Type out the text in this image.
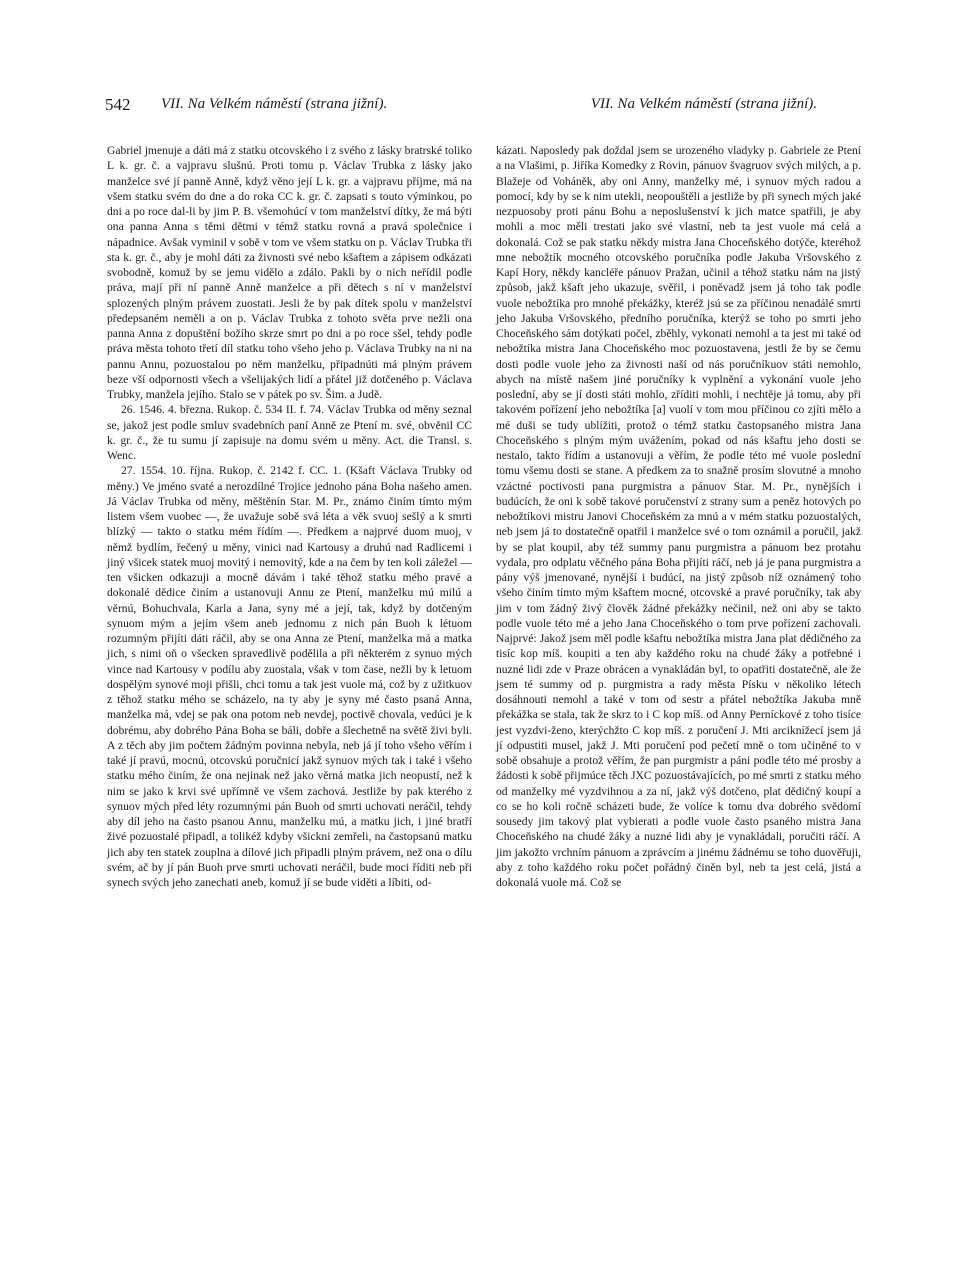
542 VII. Na Velkém náměstí (strana jižní).	VII. Na Velkém náměstí (strana jižní).

Gabriel jmenuje a dáti má z statku otcovského i z svého z lásky bratrské toliko L k. gr. č. a vajpravu slušnú. Proti tomu p. Václav Trubka z lásky jako manželce své jí panně Anně, když věno její L k. gr. a vajpravu příjme, má na všem statku svém do dne a do roka CC k. gr. č. zapsati s touto výminkou, po dni a po roce dal-li by jim P. B. všemohúcí v tom manželství dítky, že má býti ona panna Anna s těmi dětmi v témž statku rovná a pravá společnice i nápadnice. Avšak vyminil v sobě v tom ve všem statku on p. Václav Trubka tři sta k. gr. č., aby je mohl dáti za živnosti své nebo kšaftem a zápisem odkázati svobodně, komuž by se jemu vidělo a zdálo. Pakli by o nich neřídil podle práva, mají při ní panně Anně manželce a při dětech s ní v manželství splozených plným právem zuostati. Jesli že by pak dítek spolu v manželství předepsaném neměli a on p. Václav Trubka z tohoto světa prve nežli ona panna Anna z dopuštění božího skrze smrt po dni a po roce sšel, tehdy podle práva města tohoto třetí díl statku toho všeho jeho p. Václava Trubky na ni na pannu Annu, pozuostalou po něm manželku, připadnúti má plným právem beze vší odpornosti všech a všelijakých lidí a přátel již dotčeného p. Václava Trubky, manžela jejího. Stalo se v pátek po sv. Šim. a Judě.

26. 1546. 4. března. Rukop. č. 534 II. f. 74. Václav Trubka od měny seznal se, jakož jest podle smluv svadebních paní Anně ze Ptení m. své, obvěnil CC k. gr. č., že tu sumu jí zapisuje na domu svém u měny. Act. die Transl. s. Wenc.

27. 1554. 10. října. Rukop. č. 2142 f. CC. 1. (Kšaft Václava Trubky od měny.) Ve jméno svaté a nerozdílné Trojice jednoho pána Boha našeho amen. Já Václav Trubka od měny, měštěnín Star. M. Pr., známo činím tímto mým listem všem vuobec —, že uvažuje sobě svá léta a věk svuoj sešlý a k smrti blízký — takto o statku mém řídím —. Předkem a najprvé duom muoj, v němž bydlím, řečený u měny, vinici nad Kartousy a druhú nad Radlicemi i jiný všicek statek muoj movitý i nemovitý, kde a na čem by ten koli záležel — ten všicken odkazuji a mocně dávám i také těhož statku mého pravé a dokonalé dědice činím a ustanovuji Annu ze Ptení, manželku mú milú a věrnú, Bohuchvala, Karla a Jana, syny mé a její, tak, když by dotčeným synuom mým a jejím všem aneb jednomu z nich pán Buoh k létuom rozumným přijíti dáti ráčil, aby se ona Anna ze Ptení, manželka má a matka jich, s nimi oň o všecken spravedlivě podělila a při některém z synuo mých vince nad Kartousy v podílu aby zuostala, však v tom čase, nežli by k letuom dospělým synové moji přišli, chci tomu a tak jest vuole má, což by z užitkuov z těhož statku mého se scházelo, na ty aby je syny mé často psaná Anna, manželka má, vdej se pak ona potom neb nevdej, poctivě chovala, vedúci je k dobrému, aby dobrého Pána Boha se báli, dobře a šlechetně na světě živi byli. A z těch aby jim počtem žádným povinna nebyla, neb já jí toho všeho věřím i také jí pravú, mocnú, otcovskú poručnicí jakž synuov mých tak i také i všeho statku mého činím, že ona nejinak než jako věrná matka jich neopustí, než k nim se jako k krvi své upřímně ve všem zachová. Jestliže by pak kterého z synuov mých před léty rozumnými pán Buoh od smrti uchovati neráčil, tehdy aby díl jeho na často psanou Annu, manželku mú, a matku jich, i jiné bratří živé pozuostalé připadl, a tolikéž kdyby všickni zemřeli, na častopsanú matku jich aby ten statek zouplna a dílové jich připadli plným právem, než ona o dílu svém, ač by jí pán Buoh prve smrti uchovati neráčil, bude moci říditi neb při synech svých jeho zanechati aneb, komuž jí se bude viděti a líbiti, od-

kázati. Naposledy pak doždal jsem se urozeného vladyky p. Gabriele ze Ptení a na Vlašimi, p. Jiříka Komedky z Rovin, pánuov švagruov svých milých, a p. Blažeje od Voháněk, aby oni Anny, manželky mé, i synuov mých radou a pomocí, kdy by se k nim utekli, neopouštěli a jestliže by při synech mých jaké nezpuosoby proti pánu Bohu a neposlušenství k jich matce spatřili, je aby mohli a moc měli trestati jako své vlastní, neb ta jest vuole má celá a dokonalá. Což se pak statku někdy mistra Jana Choceňského dotýče, kteréhož mne nebožtík mocného otcovského poručníka podle Jakuba Vršovského z Kapí Hory, někdy kancléře pánuov Pražan, učinil a téhož statku nám na jistý způsob, jakž kšaft jeho ukazuje, svěřil, i poněvadž jsem já toho tak podle vuole nebožtíka pro mnohé překážky, kteréž jsú se za příčinou nenadálé smrti jeho Jakuba Vršovského, předního poručníka, kterýž se toho po smrti jeho Choceňského sám dotýkati počel, zběhly, vykonati nemohl a ta jest mi také od nebožtíka mistra Jana Choceňského moc pozuostavena, jestli že by se čemu dosti podle vuole jeho za živnosti naší od nás poručníkuov státi nemohlo, abych na místě našem jiné poručníky k vyplnění a vykonání vuole jeho poslední, aby se jí dosti státi mohlo, zříditi mohli, i nechtěje já tomu, aby při takovém pořízení jeho nebožtíka [a] vuolí v tom mou příčinou co zjíti mělo a mé duši se tudy ublížiti, protož o témž statku častopsaného mistra Jana Choceňského s plným mým uvážením, pokad od nás kšaftu jeho dosti se nestalo, takto řídím a ustanovuji a věřím, že podle této mé vuole poslední tomu všemu dosti se stane. A předkem za to snažně prosím slovutné a mnoho vzáctné poctivosti pana purgmistra a pánuov Star. M. Pr., nynějších i budúcích, že oni k sobě takové poručenství z strany sum a peněz hotových po nebožtíkovi mistru Janovi Choceňském za mnú a v mém statku pozuostalých, neb jsem já to dostatečně opatřil i manželce své o tom oznámil a poručil, jakž by se plat koupil, aby též summy panu purgmistra a pánuom bez protahu vydala, pro odplatu věčného pána Boha přijíti ráčí, neb já je pana purgmistra a pány výš jmenované, nynější i budúcí, na jistý způsob níž oznámený toho všeho činím tímto mým kšaftem mocné, otcovské a pravé poručníky, tak aby jim v tom žádný živý člověk žádné překážky nečinil, než oni aby se takto podle vuole této mé a jeho Jana Choceňského o tom prve pořízení zachovali. Najprvé: Jakož jsem měl podle kšaftu nebožtíka mistra Jana plat dědičného za tisíc kop míš. koupiti a ten aby každého roku na chudé žáky a potřebné i nuzné lidi zde v Praze obrácen a vynakládán byl, to opatřiti dostatečně, ale že jsem té summy od p. purgmistra a rady města Písku v několiko létech dosáhnouti nemohl a také v tom od sestr a přátel nebožtíka Jakuba mně překážka se stala, tak že skrz to i C kop míš. od Anny Perníckové z toho tisíce jest vyzdvi-ženo, kterýchžto C kop míš. z poručení J. Mti arciknížecí jsem já jí odpustiti musel, jakž J. Mti poručení pod pečetí mně o tom učiněné to v sobě obsahuje a protož věřím, že pan purgmistr a páni podle této mé prosby a žádosti k sobě přijmúce těch JXC pozuostávajících, po mé smrti z statku mého od manželky mé vyzdvihnou a za ní, jakž výš dotčeno, plat dědičný koupí a co se ho koli ročně scházeti bude, že volíce k tomu dva dobrého svědomí sousedy jim takový plat vybierati a podle vuole často psaného mistra Jana Choceňského na chudé žáky a nuzné lidi aby je vynakládali, poručiti ráčí. A jim jakožto vrchním pánuom a zprávcím a jinému žádnému se toho duověřuji, aby z toho každého roku počet pořádný činěn byl, neb ta jest celá, jistá a dokonalá vuole má. Což se
